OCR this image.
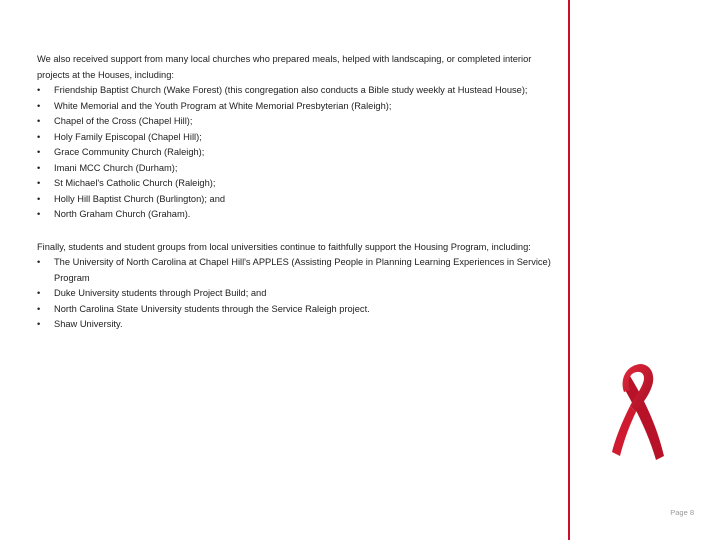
We also received support from many local churches who prepared meals, helped with landscaping, or completed interior projects at the Houses, including:

•	Friendship Baptist Church (Wake Forest) (this congregation also conducts a Bible study weekly at Hustead House);
•	White Memorial and the Youth Program at White Memorial Presbyterian (Raleigh);
•	Chapel of the Cross (Chapel Hill);
•	Holy Family Episcopal (Chapel Hill);
•	Grace Community Church (Raleigh);
•	Imani MCC Church (Durham);
•	St Michael's Catholic Church (Raleigh);
•	Holly Hill Baptist Church (Burlington); and
•	North Graham Church (Graham).

Finally, students and student groups from local universities continue to faithfully support the Housing Program, including:

•	The University of North Carolina at Chapel Hill's APPLES (Assisting People in Planning Learning Experiences in Service) Program
•	Duke University students through Project Build; and
•	North Carolina State University students through the Service Raleigh project.
•	Shaw University.
Page 8
